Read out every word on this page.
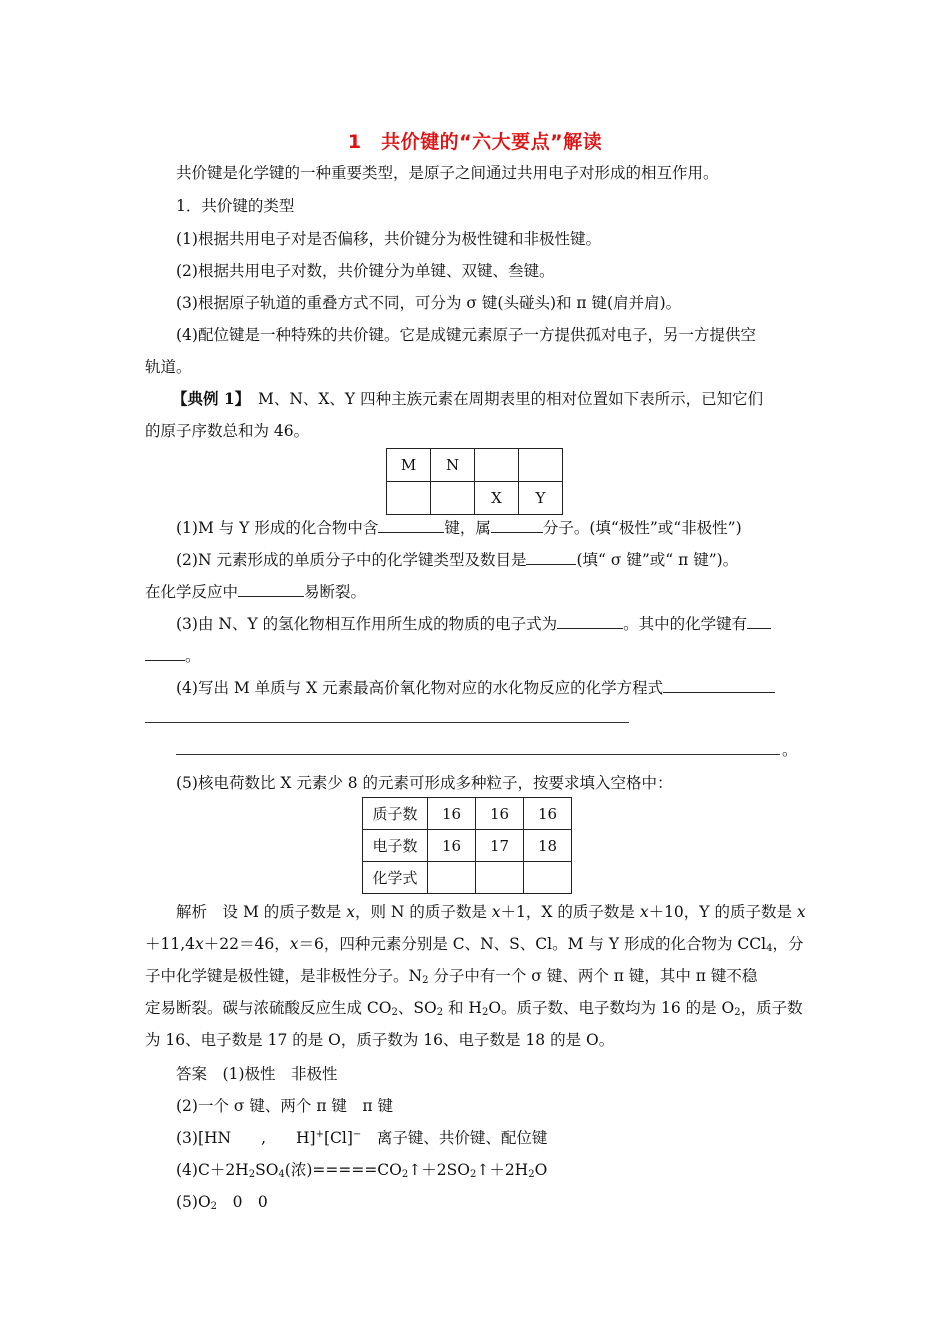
1　共价键的“六大要点”解读
共价键是化学键的一种重要类型，是原子之间通过共用电子对形成的相互作用。
1．共价键的类型
(1)根据共用电子对是否偏移，共价键分为极性键和非极性键。
(2)根据共用电子对数，共价键分为单键、双键、叁键。
(3)根据原子轨道的重叠方式不同，可分为 σ 键(头碰头)和 π 键(肩并肩)。
(4)配位键是一种特殊的共价键。它是成键元素原子一方提供孤对电子，另一方提供空
轨道。
【典例 1】　 M、N、X、Y 四种主族元素在周期表里的相对位置如下表所示，已知它们
的原子序数总和为 46。
M	N		
		X	Y
(1)M 与 Y 形成的化合物中含	键，属	分子。(填“极性”或“非极性”)
(2)N 元素形成的单质分子中的化学键类型及数目是	(填“ σ 键”或“ π 键”)。
在化学反应中	易断裂。
(3)由 N、Y 的氢化物相互作用所生成的物质的电子式为	。其中的化学键有
。
(4)写出 M 单质与 X 元素最高价氧化物对应的水化物反应的化学方程式
。
(5)核电荷数比 X 元素少 8 的元素可形成多种粒子，按要求填入空格中：
质子数	16	16	16
电子数	16	17	18
化学式			
解析　 设 M 的质子数是 x，则 N 的质子数是 x＋1，X 的质子数是 x＋10，Y 的质子数是 x
＋11,4x＋22＝46，x＝6，四种元素分别是 C、N、S、Cl。M 与 Y 形成的化合物为 CCl$_4$，分
子中化学键是极性键，是非极性分子。$N_2$ 分子中有一个 σ 键、两个 π 键，其中 π 键不稳
定易断裂。碳与浓硫酸反应生成 $CO_2$、$SO_2$ 和 $H_2O$。质子数、电子数均为 16 的是 $O_2$，质子数
为 16、电子数是 17 的是 O，质子数为 16、电子数是 18 的是 O。
答案　 (1)极性　非极性
(2)一个 σ 键、两个 π 键　π 键
(3)[HN , H]+[Cl]−　 离子键、共价键、配位键
$(4)C+2H_2SO_4$(浓)$=====CO_2↑+2SO_2↑+2H_2O$
$(5)O_2$　 0　0
